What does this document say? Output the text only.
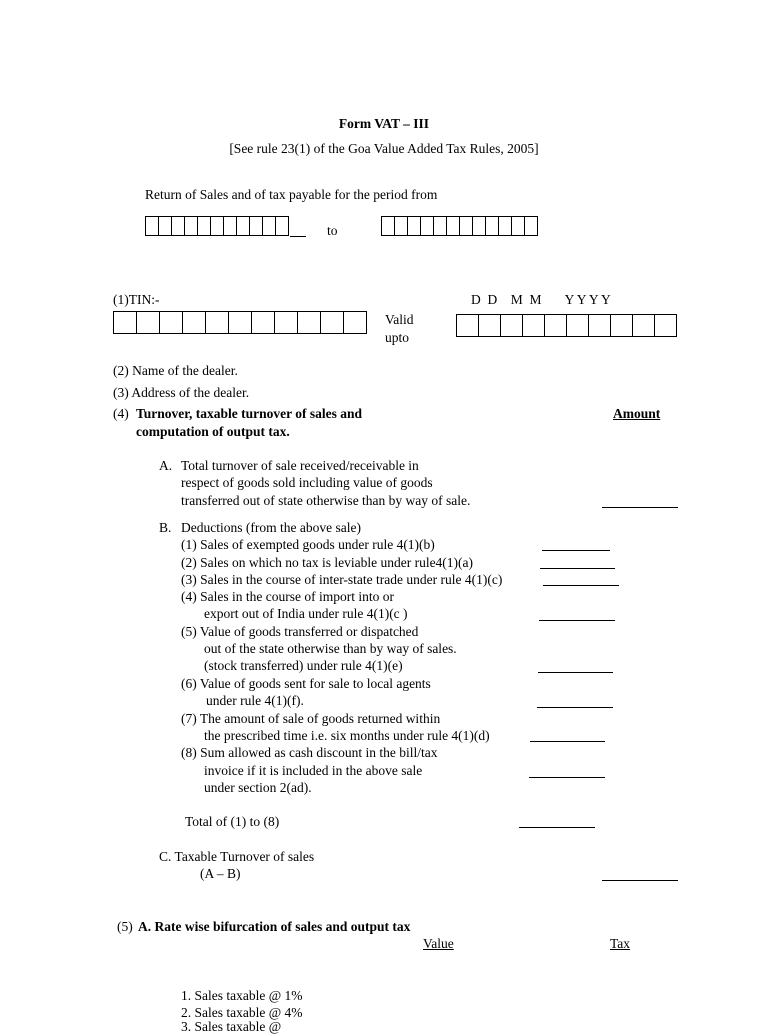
Form VAT – III
[See rule 23(1) of the Goa Value Added Tax Rules, 2005]
Return of Sales and of tax payable for the period from
to
(1)TIN:-	D  D    M  M       Y Y Y Y
Valid
upto
(2) Name of the dealer.
(3) Address of the dealer.
(4) Turnover, taxable turnover of sales and
computation of output tax.
Amount
A. Total turnover of sale received/receivable in
respect of goods sold including value of goods
transferred out of state otherwise than by way of sale.
B. Deductions (from the above sale)
(1) Sales of exempted goods under rule 4(1)(b)
(2) Sales on which no tax is leviable under rule4(1)(a)
(3) Sales in the course of inter-state trade under rule 4(1)(c)
(4) Sales in the course of import into or
export out of India under rule 4(1)(c )
(5) Value of goods transferred or dispatched
out of the state otherwise than by way of sales.
(stock transferred) under rule 4(1)(e)
(6) Value of goods sent for sale to local agents
under rule 4(1)(f).
(7) The amount of sale of goods returned within
the prescribed time i.e. six months under rule 4(1)(d)
(8) Sum allowed as cash discount in the bill/tax
invoice if it is included in the above sale
under section 2(ad).
Total of (1) to (8)
C. Taxable Turnover of sales
(A – B)
(5) A. Rate wise bifurcation of sales and output tax
Value	Tax
1. Sales taxable @ 1%
2. Sales taxable @ 4%
3. Sales taxable @
